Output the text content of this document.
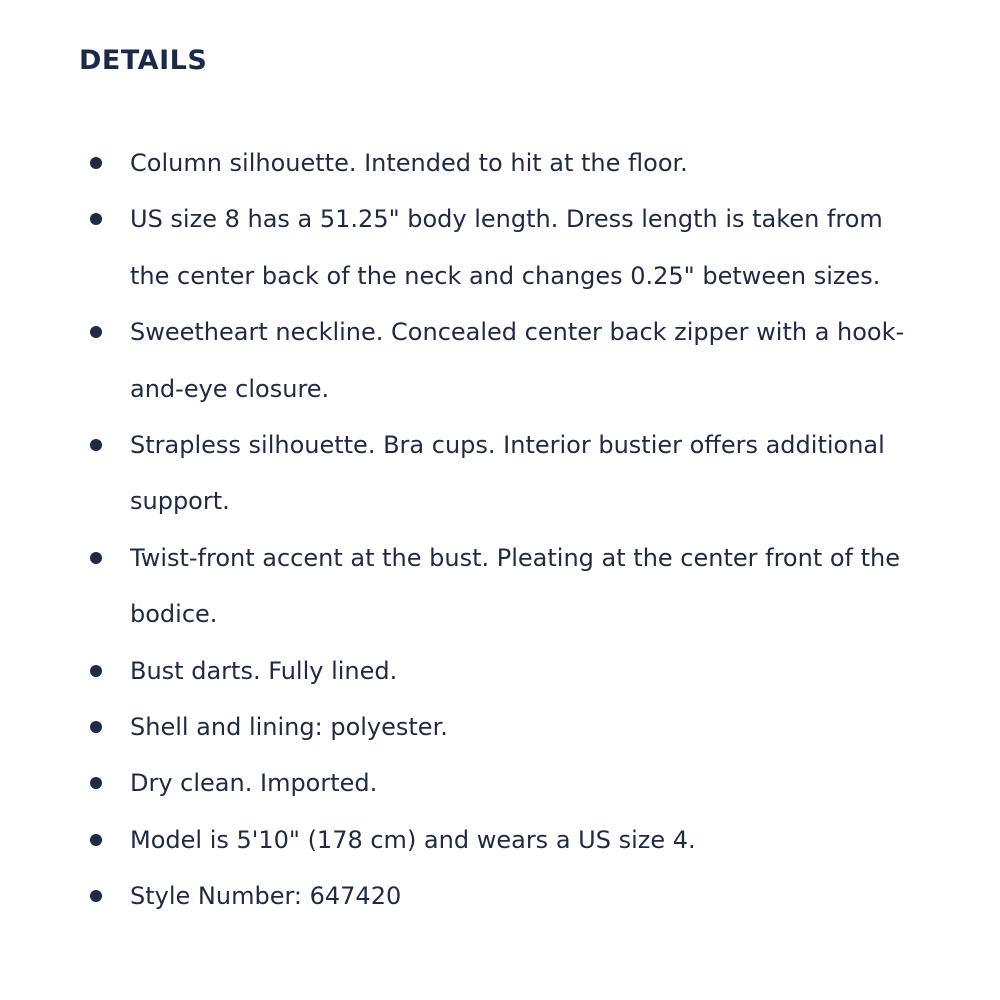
DETAILS
Column silhouette. Intended to hit at the floor.
US size 8 has a 51.25" body length. Dress length is taken from the center back of the neck and changes 0.25" between sizes.
Sweetheart neckline. Concealed center back zipper with a hook-and-eye closure.
Strapless silhouette. Bra cups. Interior bustier offers additional support.
Twist-front accent at the bust. Pleating at the center front of the bodice.
Bust darts. Fully lined.
Shell and lining: polyester.
Dry clean. Imported.
Model is 5'10" (178 cm) and wears a US size 4.
Style Number: 647420
